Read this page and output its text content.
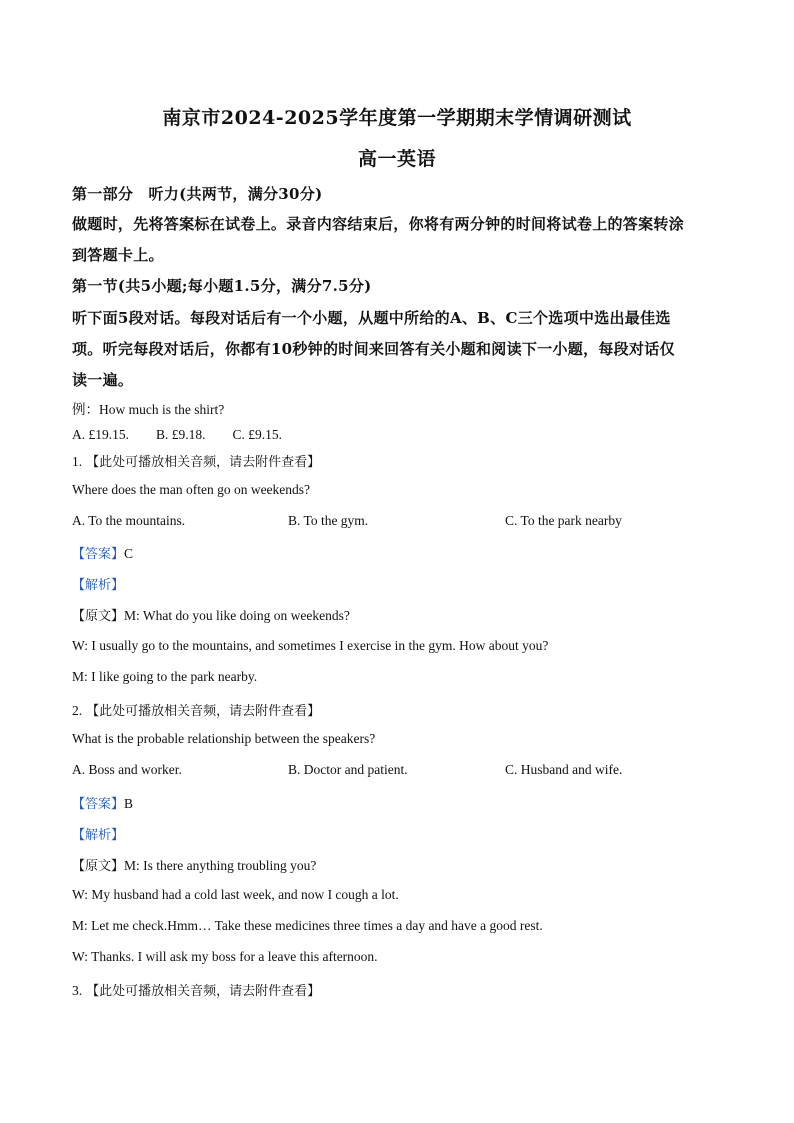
南京市2024-2025学年度第一学期期末学情调研测试
高一英语
第一部分　听力(共两节，满分30分)
做题时，先将答案标在试卷上。录音内容结束后，你将有两分钟的时间将试卷上的答案转涂
到答题卡上。
第一节(共5小题;每小题1.5分，满分7.5分)
听下面5段对话。每段对话后有一个小题，从题中所给的A、B、C三个选项中选出最佳选
项。听完每段对话后，你都有10秒钟的时间来回答有关小题和阅读下一小题，每段对话仅
读一遍。
例：How much is the shirt?
A. £19.15.　　B. £9.18.　　C. £9.15.
1. 【此处可播放相关音频，请去附件查看】
Where does the man often go on weekends?
A. To the mountains.	B. To the gym.	C. To the park nearby
【答案】C
【解析】
【原文】M: What do you like doing on weekends?
W: I usually go to the mountains, and sometimes I exercise in the gym. How about you?
M: I like going to the park nearby.
2. 【此处可播放相关音频，请去附件查看】
What is the probable relationship between the speakers?
A. Boss and worker.	B. Doctor and patient.	C. Husband and wife.
【答案】B
【解析】
【原文】M: Is there anything troubling you?
W: My husband had a cold last week, and now I cough a lot.
M: Let me check.Hmm… Take these medicines three times a day and have a good rest.
W: Thanks. I will ask my boss for a leave this afternoon.
3. 【此处可播放相关音频，请去附件查看】
